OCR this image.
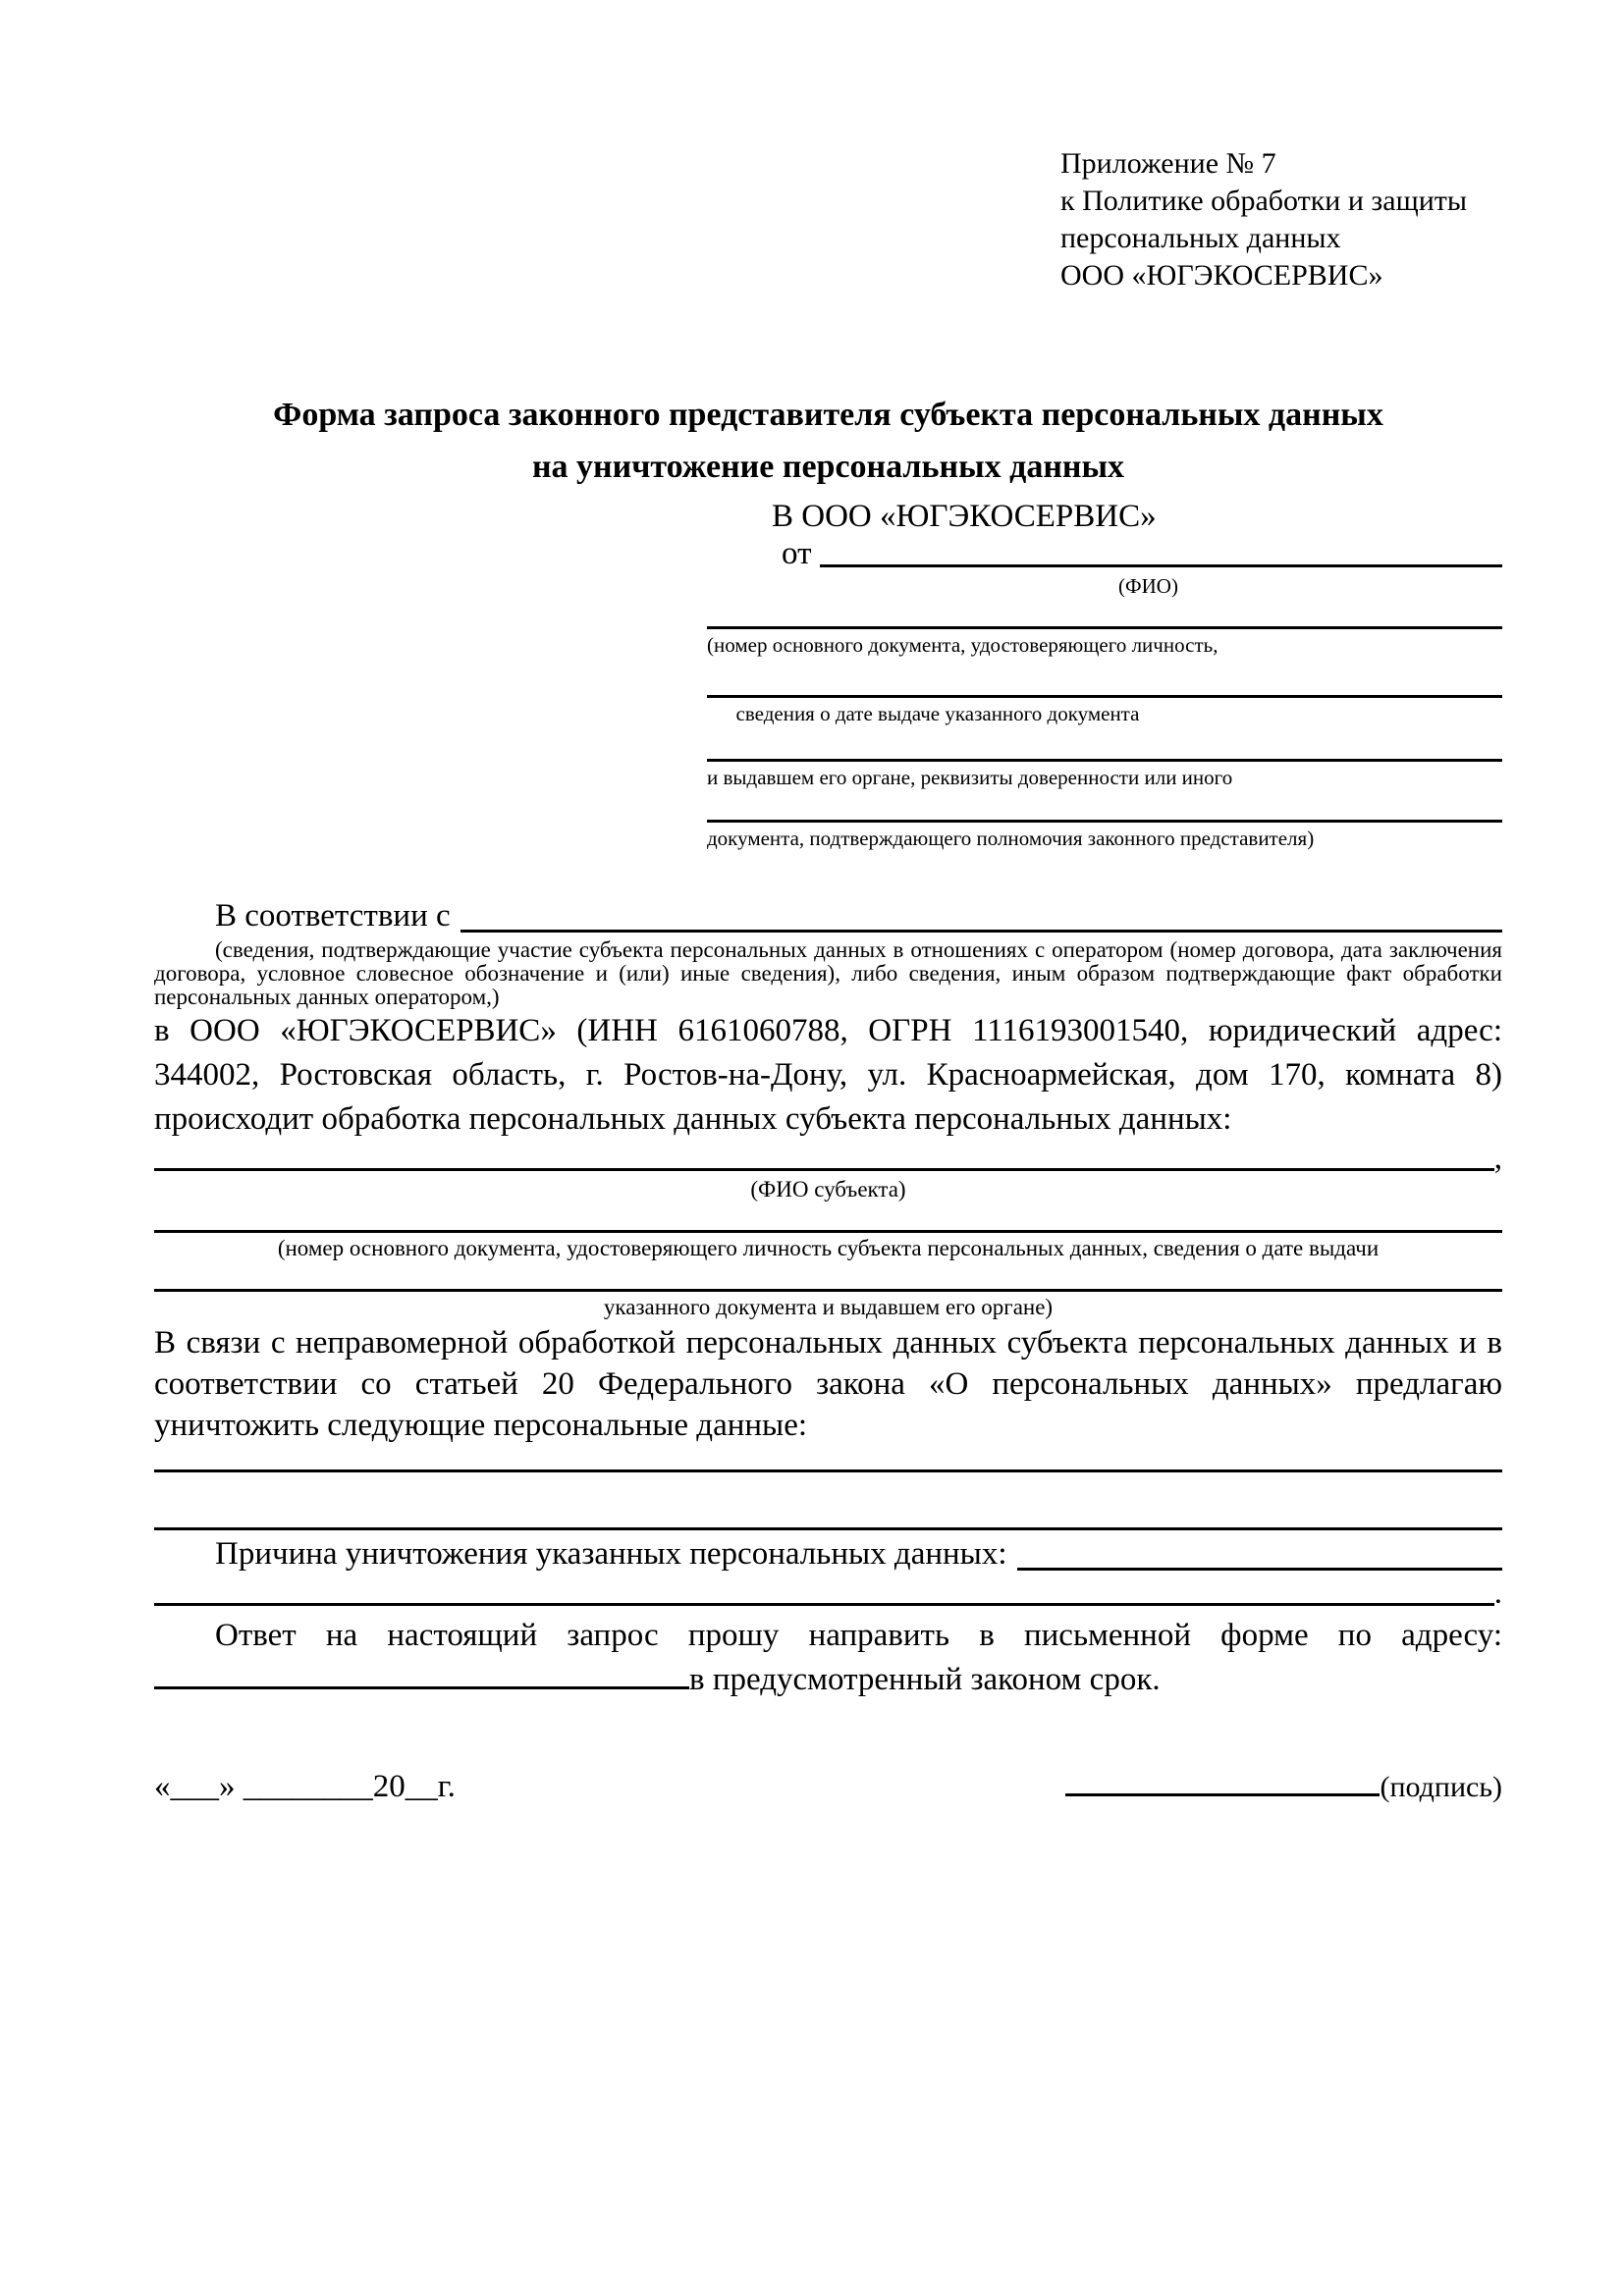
Приложение № 7
к Политике обработки и защиты
персональных данных
ООО «ЮГЭКОСЕРВИС»
Форма запроса законного представителя субъекта персональных данных
на уничтожение персональных данных
В ООО «ЮГЭКОСЕРВИС»
от
(ФИО)
(номер основного документа, удостоверяющего личность,
сведения о дате выдаче указанного документа
и выдавшем его органе, реквизиты доверенности или иного
документа, подтверждающего полномочия законного представителя)
В соответствии с

(сведения, подтверждающие участие субъекта персональных данных в отношениях с оператором (номер договора, дата заключения договора, условное словесное обозначение и (или) иные сведения), либо сведения, иным образом подтверждающие факт обработки персональных данных оператором,)

в ООО «ЮГЭКОСЕРВИС» (ИНН 6161060788, ОГРН 1116193001540, юридический адрес: 344002, Ростовская область, г. Ростов-на-Дону, ул. Красноармейская, дом 170, комната 8) происходит обработка персональных данных субъекта персональных данных:

,
(ФИО субъекта)
(номер основного документа, удостоверяющего личность субъекта персональных данных, сведения о дате выдачи
указанного документа и выдавшем его органе)

В связи с неправомерной обработкой персональных данных субъекта персональных данных и в соответствии со статьей 20 Федерального закона «О персональных данных» предлагаю уничтожить следующие персональные данные:

Причина уничтожения указанных персональных данных:
.

Ответ на настоящий запрос прошу направить в письменной форме по адресу: в предусмотренный законом срок.

«___» ________20__г.	(подпись)
